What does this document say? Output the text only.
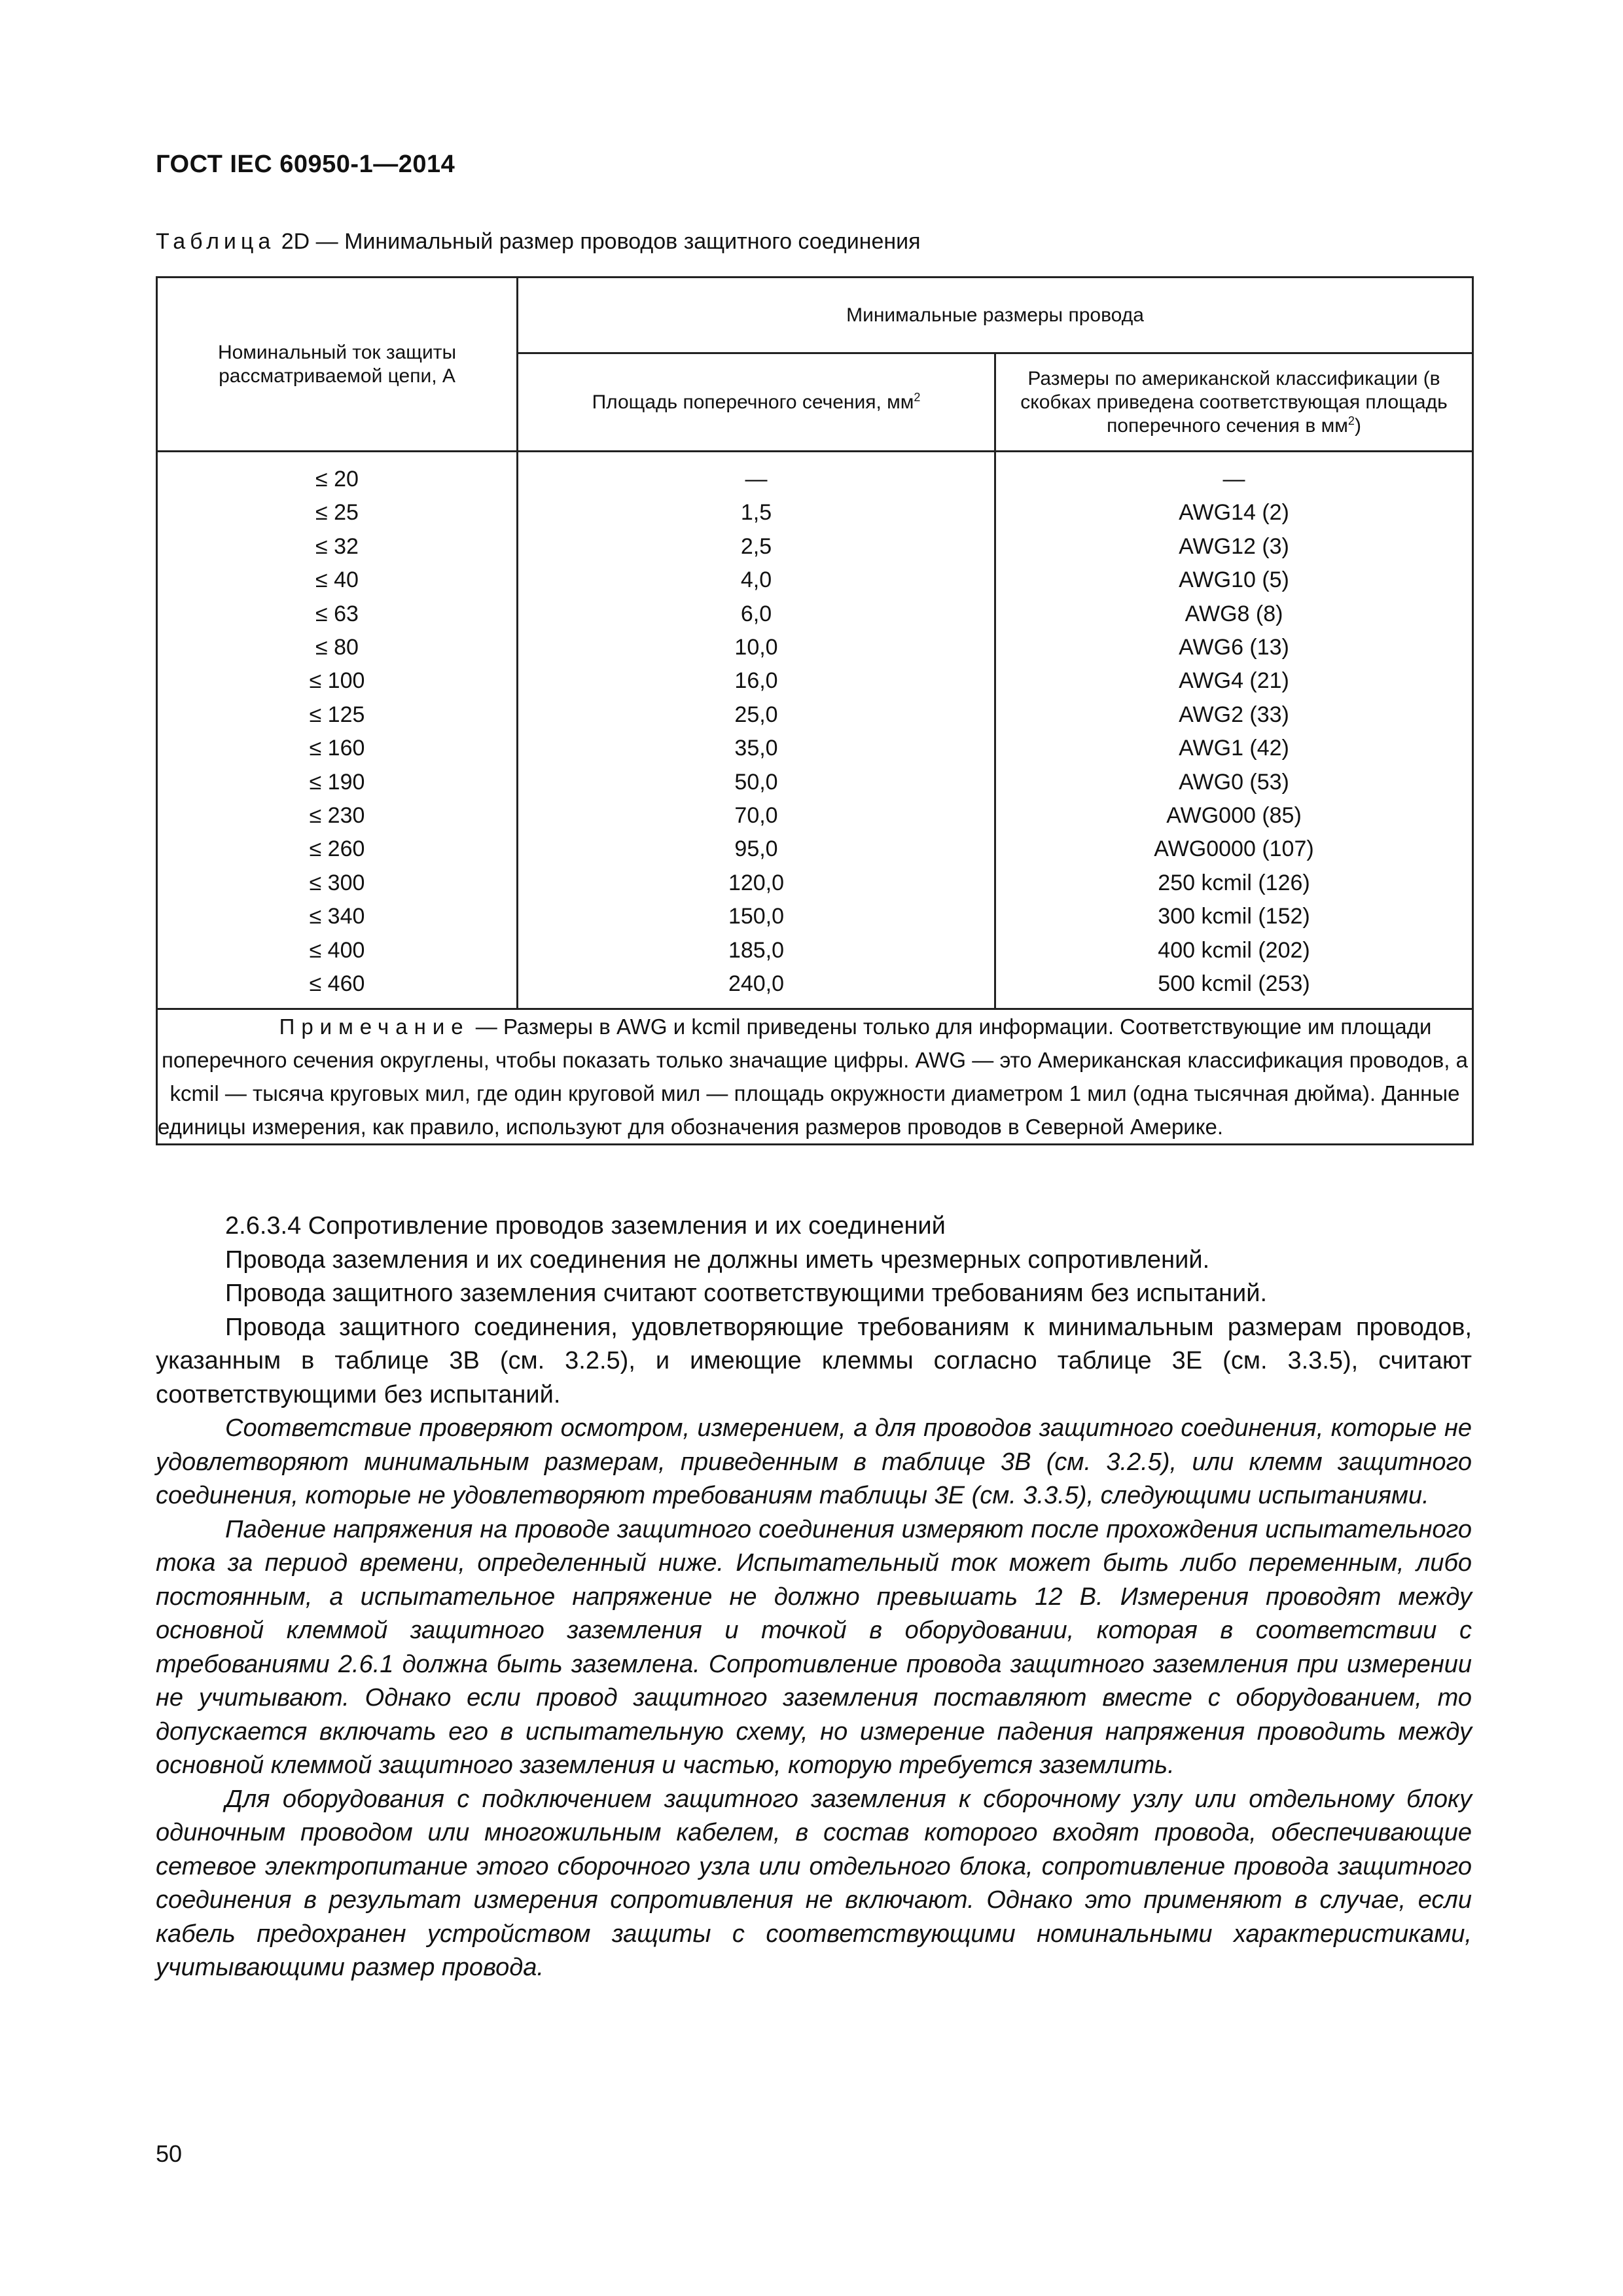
ГОСТ IEC 60950-1—2014
Таблица 2D — Минимальный размер проводов защитного соединения
Номинальный ток защиты рассматриваемой цепи, А	Минимальные размеры провода	
	Площадь поперечного сечения, $мм^2$	Размеры по американской классификации (в скобках приведена соответствующая площадь поперечного сечения в $мм^2$)
≤ 20	—	—
≤ 25	1,5	AWG14 (2)
≤ 32	2,5	AWG12 (3)
≤ 40	4,0	AWG10 (5)
≤ 63	6,0	AWG8 (8)
≤ 80	10,0	AWG6 (13)
≤ 100	16,0	AWG4 (21)
≤ 125	25,0	AWG2 (33)
≤ 160	35,0	AWG1 (42)
≤ 190	50,0	AWG0 (53)
≤ 230	70,0	AWG000 (85)
≤ 260	95,0	AWG0000 (107)
≤ 300	120,0	250 kcmil (126)
≤ 340	150,0	300 kcmil (152)
≤ 400	185,0	400 kcmil (202)
≤ 460	240,0	500 kcmil (253)
Примечание — Размеры в AWG и kcmil приведены только для информации. Соответствующие им площади поперечного сечения округлены, чтобы показать только значащие цифры. AWG — это Американская классификация проводов, а kcmil — тысяча круговых мил, где один круговой мил — площадь окружности диаметром 1 мил (одна тысячная дюйма). Данные единицы измерения, как правило, используют для обозначения размеров проводов в Северной Америке.		

2.6.3.4 Сопротивление проводов заземления и их соединений

Провода заземления и их соединения не должны иметь чрезмерных сопротивлений.

Провода защитного заземления считают соответствующими требованиям без испытаний.

Провода защитного соединения, удовлетворяющие требованиям к минимальным размерам проводов, указанным в таблице 3В (см. 3.2.5), и имеющие клеммы согласно таблице 3Е (см. 3.3.5), считают соответствующими без испытаний.

Соответствие проверяют осмотром, измерением, а для проводов защитного соединения, которые не удовлетворяют минимальным размерам, приведенным в таблице 3В (см. 3.2.5), или клемм защитного соединения, которые не удовлетворяют требованиям таблицы 3Е (см. 3.3.5), следующими испытаниями.

Падение напряжения на проводе защитного соединения измеряют после прохождения испытательного тока за период времени, определенный ниже. Испытательный ток может быть либо переменным, либо постоянным, а испытательное напряжение не должно превышать 12 В. Измерения проводят между основной клеммой защитного заземления и точкой в оборудовании, которая в соответствии с требованиями 2.6.1 должна быть заземлена. Сопротивление провода защитного заземления при измерении не учитывают. Однако если провод защитного заземления поставляют вместе с оборудованием, то допускается включать его в испытательную схему, но измерение падения напряжения проводить между основной клеммой защитного заземления и частью, которую требуется заземлить.

Для оборудования с подключением защитного заземления к сборочному узлу или отдельному блоку одиночным проводом или многожильным кабелем, в состав которого входят провода, обеспечивающие сетевое электропитание этого сборочного узла или отдельного блока, сопротивление провода защитного соединения в результат измерения сопротивления не включают. Однако это применяют в случае, если кабель предохранен устройством защиты с соответствующими номинальными характеристиками, учитывающими размер провода.

50
